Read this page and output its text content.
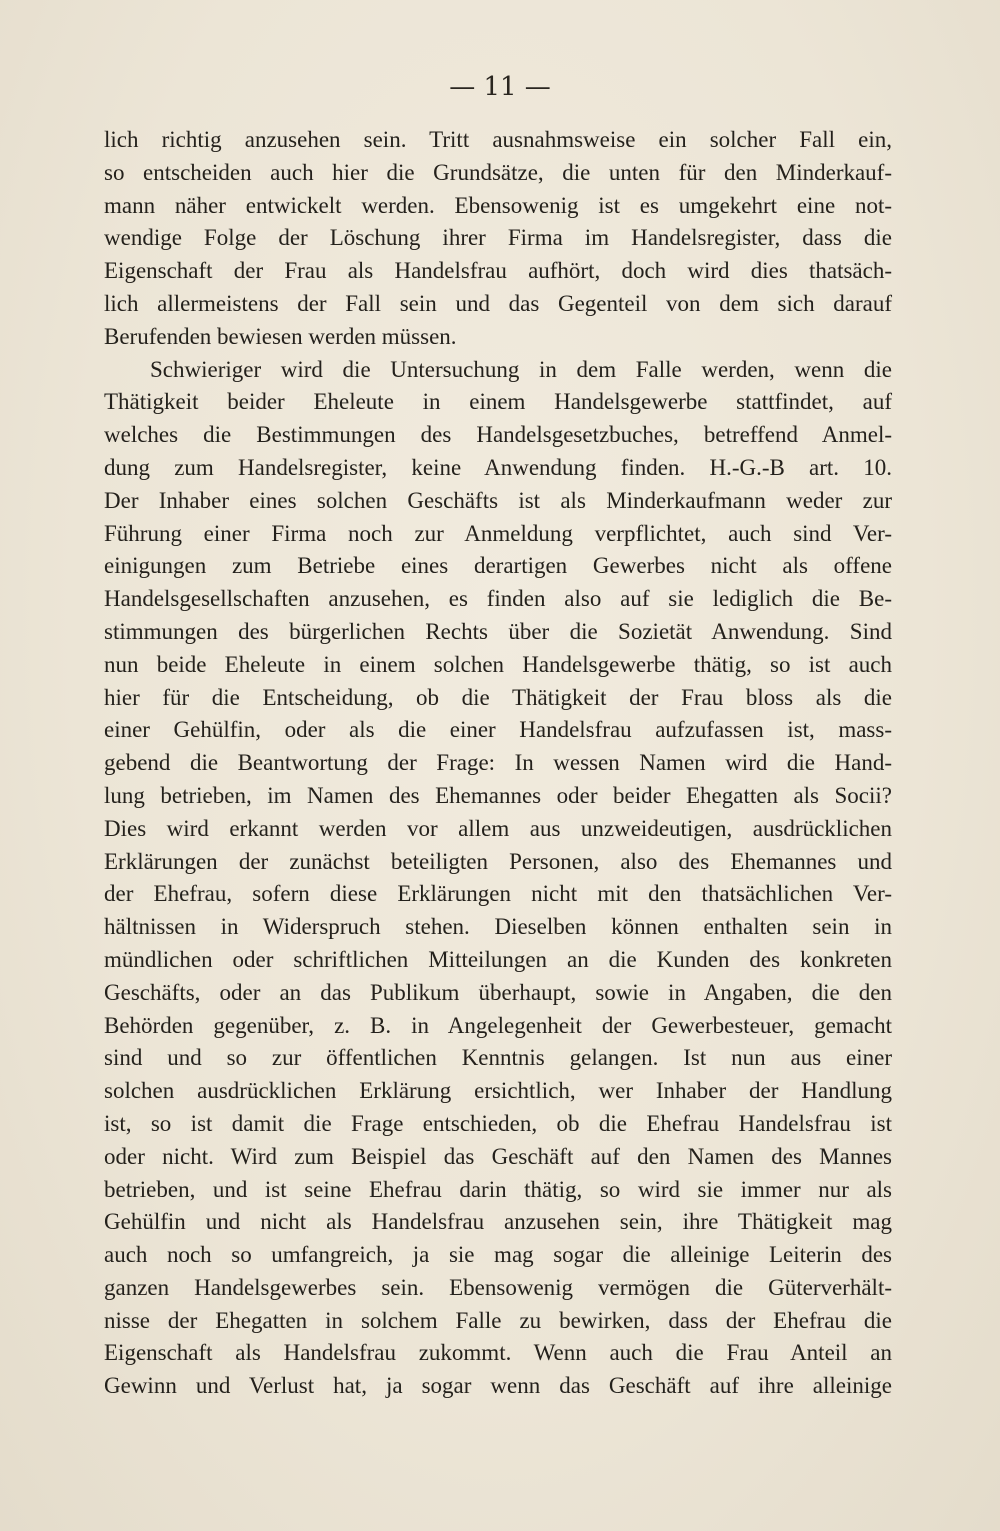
— 11 —
lich richtig anzusehen sein. Tritt ausnahmsweise ein solcher Fall ein,
so entscheiden auch hier die Grundsätze, die unten für den Minderkauf-
mann näher entwickelt werden. Ebensowenig ist es umgekehrt eine not-
wendige Folge der Löschung ihrer Firma im Handelsregister, dass die
Eigenschaft der Frau als Handelsfrau aufhört, doch wird dies thatsäch-
lich allermeistens der Fall sein und das Gegenteil von dem sich darauf
Berufenden bewiesen werden müssen.
Schwieriger wird die Untersuchung in dem Falle werden, wenn die
Thätigkeit beider Eheleute in einem Handelsgewerbe stattfindet, auf
welches die Bestimmungen des Handelsgesetzbuches, betreffend Anmel-
dung zum Handelsregister, keine Anwendung finden. H.-G.-B art. 10.
Der Inhaber eines solchen Geschäfts ist als Minderkaufmann weder zur
Führung einer Firma noch zur Anmeldung verpflichtet, auch sind Ver-
einigungen zum Betriebe eines derartigen Gewerbes nicht als offene
Handelsgesellschaften anzusehen, es finden also auf sie lediglich die Be-
stimmungen des bürgerlichen Rechts über die Sozietät Anwendung. Sind
nun beide Eheleute in einem solchen Handelsgewerbe thätig, so ist auch
hier für die Entscheidung, ob die Thätigkeit der Frau bloss als die
einer Gehülfin, oder als die einer Handelsfrau aufzufassen ist, mass-
gebend die Beantwortung der Frage: In wessen Namen wird die Hand-
lung betrieben, im Namen des Ehemannes oder beider Ehegatten als Socii?
Dies wird erkannt werden vor allem aus unzweideutigen, ausdrücklichen
Erklärungen der zunächst beteiligten Personen, also des Ehemannes und
der Ehefrau, sofern diese Erklärungen nicht mit den thatsächlichen Ver-
hältnissen in Widerspruch stehen. Dieselben können enthalten sein in
mündlichen oder schriftlichen Mitteilungen an die Kunden des konkreten
Geschäfts, oder an das Publikum überhaupt, sowie in Angaben, die den
Behörden gegenüber, z. B. in Angelegenheit der Gewerbesteuer, gemacht
sind und so zur öffentlichen Kenntnis gelangen. Ist nun aus einer
solchen ausdrücklichen Erklärung ersichtlich, wer Inhaber der Handlung
ist, so ist damit die Frage entschieden, ob die Ehefrau Handelsfrau ist
oder nicht. Wird zum Beispiel das Geschäft auf den Namen des Mannes
betrieben, und ist seine Ehefrau darin thätig, so wird sie immer nur als
Gehülfin und nicht als Handelsfrau anzusehen sein, ihre Thätigkeit mag
auch noch so umfangreich, ja sie mag sogar die alleinige Leiterin des
ganzen Handelsgewerbes sein. Ebensowenig vermögen die Güterverhält-
nisse der Ehegatten in solchem Falle zu bewirken, dass der Ehefrau die
Eigenschaft als Handelsfrau zukommt. Wenn auch die Frau Anteil an
Gewinn und Verlust hat, ja sogar wenn das Geschäft auf ihre alleinige
